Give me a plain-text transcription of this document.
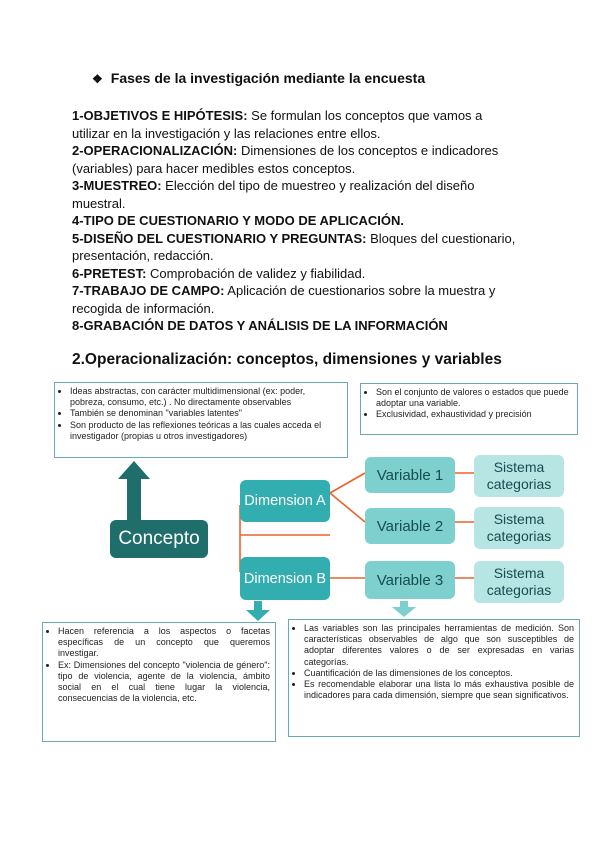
❖ Fases de la investigación mediante la encuesta

1-OBJETIVOS E HIPÓTESIS: Se formulan los conceptos que vamos a utilizar en la investigación y las relaciones entre ellos.

2-OPERACIONALIZACIÓN: Dimensiones de los conceptos e indicadores (variables) para hacer medibles estos conceptos.

3-MUESTREO: Elección del tipo de muestreo y realización del diseño muestral.

4-TIPO DE CUESTIONARIO Y MODO DE APLICACIÓN.

5-DISEÑO DEL CUESTIONARIO Y PREGUNTAS: Bloques del cuestionario, presentación, redacción.

6-PRETEST: Comprobación de validez y fiabilidad.

7-TRABAJO DE CAMPO: Aplicación de cuestionarios sobre la muestra y recogida de información.

8-GRABACIÓN DE DATOS Y ANÁLISIS DE LA INFORMACIÓN

2.Operacionalización: conceptos, dimensiones y variables
• Ideas abstractas, con carácter multidimensional (ex: poder, pobreza, consumo, etc.) . No directamente observables
• También se denominan "variables latentes"
• Son producto de las reflexiones teóricas a las cuales acceda el investigador (propias u otros investigadores)
• Son el conjunto de valores o estados que puede adoptar una variable.
• Exclusividad, exhaustividad y precisión
Concepto
Dimension A
Dimension B
Variable 1
Variable 2
Variable 3
Sistema categorias
Sistema categorias
Sistema categorias
• Hacen referencia a los aspectos o facetas específicas de un concepto que queremos investigar.
• Ex: Dimensiones del concepto "violencia de género": tipo de violencia, agente de la violencia, ámbito social en el cual tiene lugar la violencia, consecuencias de la violencia, etc.
• Las variables son las principales herramientas de medición. Son características observables de algo que son susceptibles de adoptar diferentes valores o de ser expresadas en varias categorías.
• Cuantificación de las dimensiones de los conceptos.
• Es recomendable elaborar una lista lo más exhaustiva posible de indicadores para cada dimensión, siempre que sean significativos.
